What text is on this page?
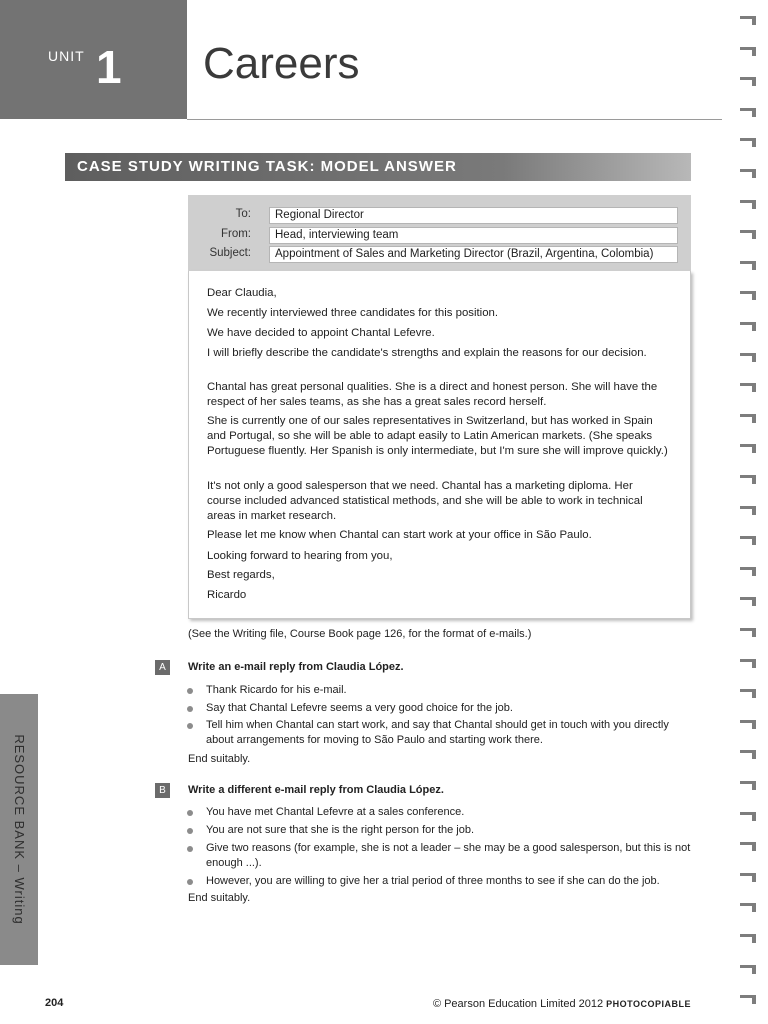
UNIT 1 Careers
CASE STUDY WRITING TASK: MODEL ANSWER
To:	Regional Director
From:	Head, interviewing team
Subject:	Appointment of Sales and Marketing Director (Brazil, Argentina, Colombia)
Dear Claudia,
We recently interviewed three candidates for this position.
We have decided to appoint Chantal Lefevre.
I will briefly describe the candidate's strengths and explain the reasons for our decision.
Chantal has great personal qualities. She is a direct and honest person. She will have the respect of her sales teams, as she has a great sales record herself.
She is currently one of our sales representatives in Switzerland, but has worked in Spain and Portugal, so she will be able to adapt easily to Latin American markets. (She speaks Portuguese fluently. Her Spanish is only intermediate, but I'm sure she will improve quickly.)
It's not only a good salesperson that we need. Chantal has a marketing diploma. Her course included advanced statistical methods, and she will be able to work in technical areas in market research.
Please let me know when Chantal can start work at your office in São Paulo.
Looking forward to hearing from you,
Best regards,
Ricardo
(See the Writing file, Course Book page 126, for the format of e-mails.)
A	Write an e-mail reply from Claudia López.
Thank Ricardo for his e-mail.
Say that Chantal Lefevre seems a very good choice for the job.
Tell him when Chantal can start work, and say that Chantal should get in touch with you directly about arrangements for moving to São Paulo and starting work there.
End suitably.
B	Write a different e-mail reply from Claudia López.
You have met Chantal Lefevre at a sales conference.
You are not sure that she is the right person for the job.
Give two reasons (for example, she is not a leader – she may be a good salesperson, but this is not enough ...).
However, you are willing to give her a trial period of three months to see if she can do the job.
End suitably.
RESOURCE BANK – Writing
204	© Pearson Education Limited 2012 PHOTOCOPIABLE
